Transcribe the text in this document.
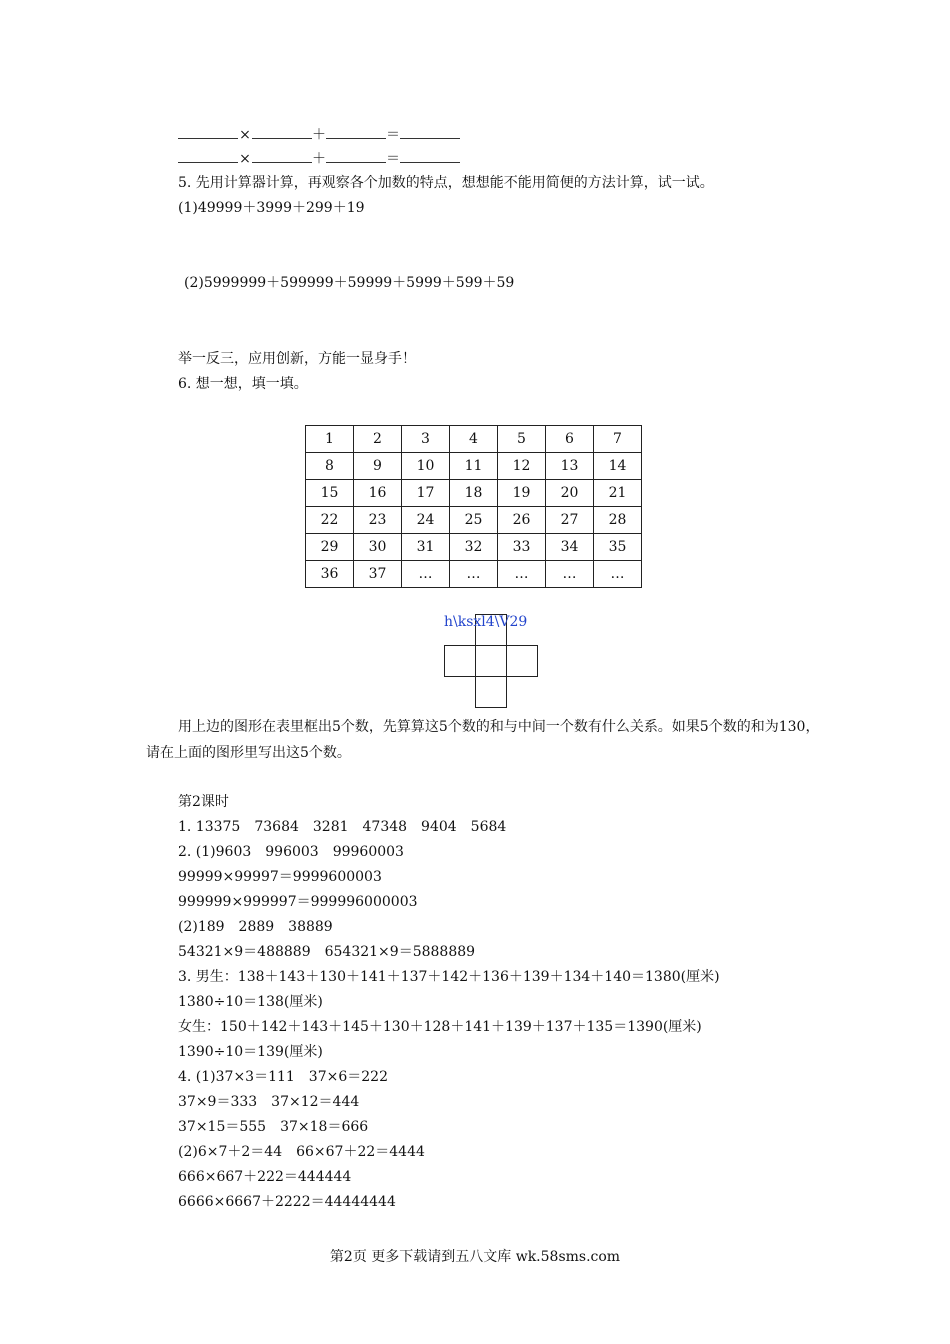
×	＋	＝
×	＋	＝
5. 先用计算器计算，再观察各个加数的特点，想想能不能用简便的方法计算，试一试。
(1)49999＋3999＋299＋19
(2)5999999＋599999＋59999＋5999＋599＋59
举一反三，应用创新，方能一显身手！
6. 想一想，填一填。
1	2	3	4	5	6	7
8	9	10	11	12	13	14
15	16	17	18	19	20	21
22	23	24	25	26	27	28
29	30	31	32	33	34	35
36	37	…	…	…	…	…
h\ksxl4\V29
用上边的图形在表里框出5个数，先算算这5个数的和与中间一个数有什么关系。如果5个数的和为130，请在上面的图形里写出这5个数。
第2课时
1. 13375　73684　3281　47348　9404　5684
2. (1)9603　996003　99960003
99999×99997＝9999600003
999999×999997＝999996000003
(2)189　2889　38889
54321×9＝488889　654321×9＝5888889
3. 男生：138＋143＋130＋141＋137＋142＋136＋139＋134＋140＝1380(厘米)
1380÷10＝138(厘米)
女生：150＋142＋143＋145＋130＋128＋141＋139＋137＋135＝1390(厘米)
1390÷10＝139(厘米)
4. (1)37×3＝111　37×6＝222
37×9＝333　37×12＝444
37×15＝555　37×18＝666
(2)6×7＋2＝44　66×67＋22＝4444
666×667＋222＝444444
6666×6667＋2222＝44444444
第2页 更多下载请到五八文库 wk.58sms.com
